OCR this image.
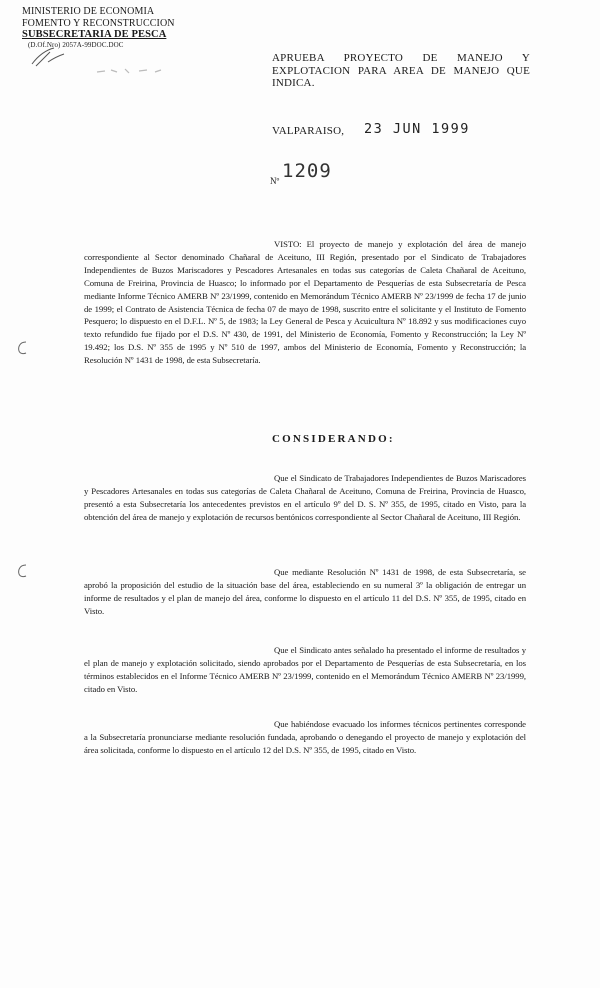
MINISTERIO DE ECONOMIA
FOMENTO Y RECONSTRUCCION
SUBSECRETARIA DE PESCA
(D.Of.Nro) 2057A-99DOC.DOC
APRUEBA PROYECTO DE MANEJO Y EXPLOTACION PARA AREA DE MANEJO QUE INDICA.
VALPARAISO, 23 JUN 1999
Nº 1209
VISTO: El proyecto de manejo y explotación del área de manejo correspondiente al Sector denominado Chañaral de Aceituno, III Región, presentado por el Sindicato de Trabajadores Independientes de Buzos Mariscadores y Pescadores Artesanales en todas sus categorías de Caleta Chañaral de Aceituno, Comuna de Freirina, Provincia de Huasco; lo informado por el Departamento de Pesquerías de esta Subsecretaría de Pesca mediante Informe Técnico AMERB Nº 23/1999, contenido en Memorándum Técnico AMERB Nº 23/1999 de fecha 17 de junio de 1999; el Contrato de Asistencia Técnica de fecha 07 de mayo de 1998, suscrito entre el solicitante y el Instituto de Fomento Pesquero; lo dispuesto en el D.F.L. Nº 5, de 1983; la Ley General de Pesca y Acuicultura Nº 18.892 y sus modificaciones cuyo texto refundido fue fijado por el D.S. Nº 430, de 1991, del Ministerio de Economía, Fomento y Reconstrucción; la Ley Nº 19.492; los D.S. Nº 355 de 1995 y Nº 510 de 1997, ambos del Ministerio de Economía, Fomento y Reconstrucción; la Resolución Nº 1431 de 1998, de esta Subsecretaría.
CONSIDERANDO:
Que el Sindicato de Trabajadores Independientes de Buzos Mariscadores y Pescadores Artesanales en todas sus categorías de Caleta Chañaral de Aceituno, Comuna de Freirina, Provincia de Huasco, presentó a esta Subsecretaría los antecedentes previstos en el artículo 9º del D. S. Nº 355, de 1995, citado en Visto, para la obtención del área de manejo y explotación de recursos bentónicos correspondiente al Sector Chañaral de Aceituno, III Región.
Que mediante Resolución Nº 1431 de 1998, de esta Subsecretaría, se aprobó la proposición del estudio de la situación base del área, estableciendo en su numeral 3º la obligación de entregar un informe de resultados y el plan de manejo del área, conforme lo dispuesto en el artículo 11 del D.S. Nº 355, de 1995, citado en Visto.
Que el Sindicato antes señalado ha presentado el informe de resultados y el plan de manejo y explotación solicitado, siendo aprobados por el Departamento de Pesquerías de esta Subsecretaría, en los términos establecidos en el Informe Técnico AMERB Nº 23/1999, contenido en el Memorándum Técnico AMERB Nº 23/1999, citado en Visto.
Que habiéndose evacuado los informes técnicos pertinentes corresponde a la Subsecretaría pronunciarse mediante resolución fundada, aprobando o denegando el proyecto de manejo y explotación del área solicitada, conforme lo dispuesto en el artículo 12 del D.S. Nº 355, de 1995, citado en Visto.
